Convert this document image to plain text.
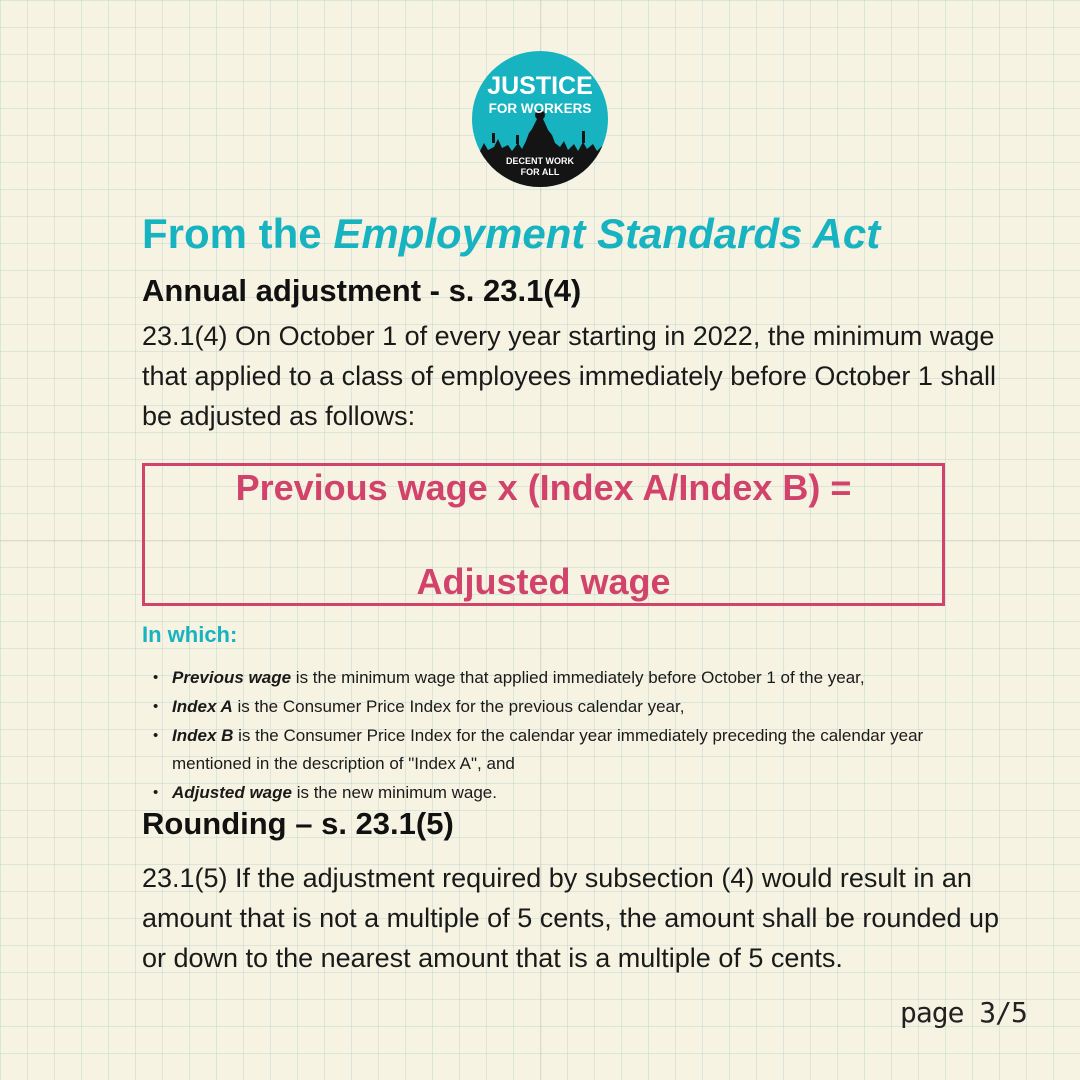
JUSTICE
FOR WORKERS
DECENT WORK
FOR ALL
From the Employment Standards Act
Annual adjustment - s. 23.1(4)

23.1(4) On October 1 of every year starting in 2022, the minimum wage that applied to a class of employees immediately before October 1 shall be adjusted as follows:

Previous wage x (Index A/Index B) =

Adjusted wage

In which:

• Previous wage is the minimum wage that applied immediately before October 1 of the year,
• Index A is the Consumer Price Index for the previous calendar year,
• Index B is the Consumer Price Index for the calendar year immediately preceding the calendar year mentioned in the description of "Index A", and
• Adjusted wage is the new minimum wage.
Rounding – s. 23.1(5)

23.1(5) If the adjustment required by subsection (4) would result in an amount that is not a multiple of 5 cents, the amount shall be rounded up or down to the nearest amount that is a multiple of 5 cents.

page 3/5
